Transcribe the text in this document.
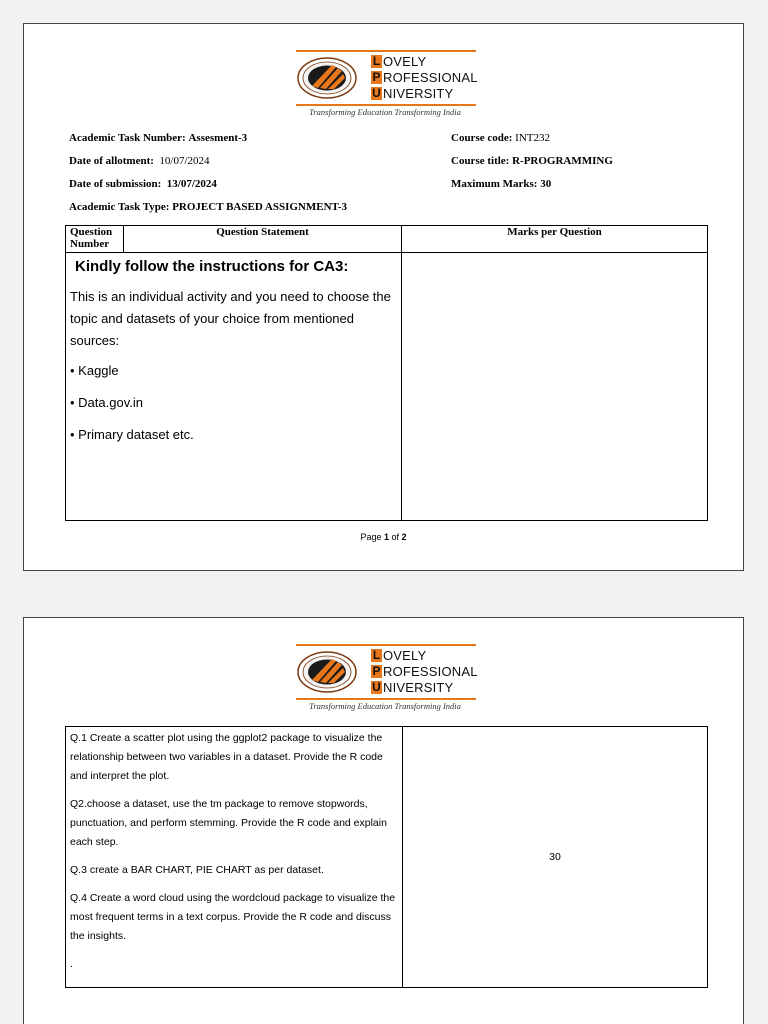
L OVELY
P ROFESSIONAL
U NIVERSITY
Transforming Education Transforming India
Academic Task Number: Assesment-3
Date of allotment: 10/07/2024
Date of submission: 13/07/2024
Academic Task Type: PROJECT BASED ASSIGNMENT-3
Course code: INT232
Course title: R-PROGRAMMING
Maximum Marks: 30
Question Number	Question Statement	Marks per Question

Kindly follow the instructions for CA3:

This is an individual activity and you need to choose the topic and datasets of your choice from mentioned sources:

• Kaggle
• Data.gov.in
• Primary dataset etc.		

Page 1 of 2
L OVELY
P ROFESSIONAL
U NIVERSITY
Transforming Education Transforming India

Q.1 Create a scatter plot using the ggplot2 package to visualize the relationship between two variables in a dataset. Provide the R code and interpret the plot.

Q2.choose a dataset, use the tm package to remove stopwords, punctuation, and perform stemming. Provide the R code and explain each step.

Q.3 create a BAR CHART, PIE CHART as per dataset.

Q.4 Create a word cloud using the wordcloud package to visualize the most frequent terms in a text corpus. Provide the R code and discuss the insights.

.

	30
